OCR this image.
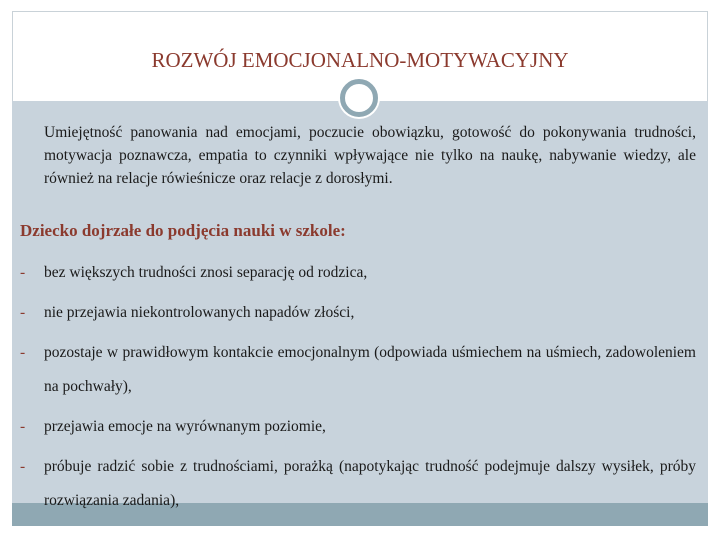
ROZWÓJ EMOCJONALNO-MOTYWACYJNY
Umiejętność panowania nad emocjami, poczucie obowiązku, gotowość do pokonywania trudności, motywacja poznawcza, empatia to czynniki wpływające nie tylko na naukę, nabywanie wiedzy, ale również na relacje rówieśnicze oraz relacje z dorosłymi.
Dziecko dojrzałe do podjęcia nauki w szkole:
- bez większych trudności znosi separację od rodzica,
- nie przejawia niekontrolowanych napadów złości,
- pozostaje w prawidłowym kontakcie emocjonalnym (odpowiada uśmiechem na uśmiech, zadowoleniem na pochwały),
- przejawia emocje na wyrównanym poziomie,
- próbuje radzić sobie z trudnościami, porażką (napotykając trudność podejmuje dalszy wysiłek, próby rozwiązania zadania),
